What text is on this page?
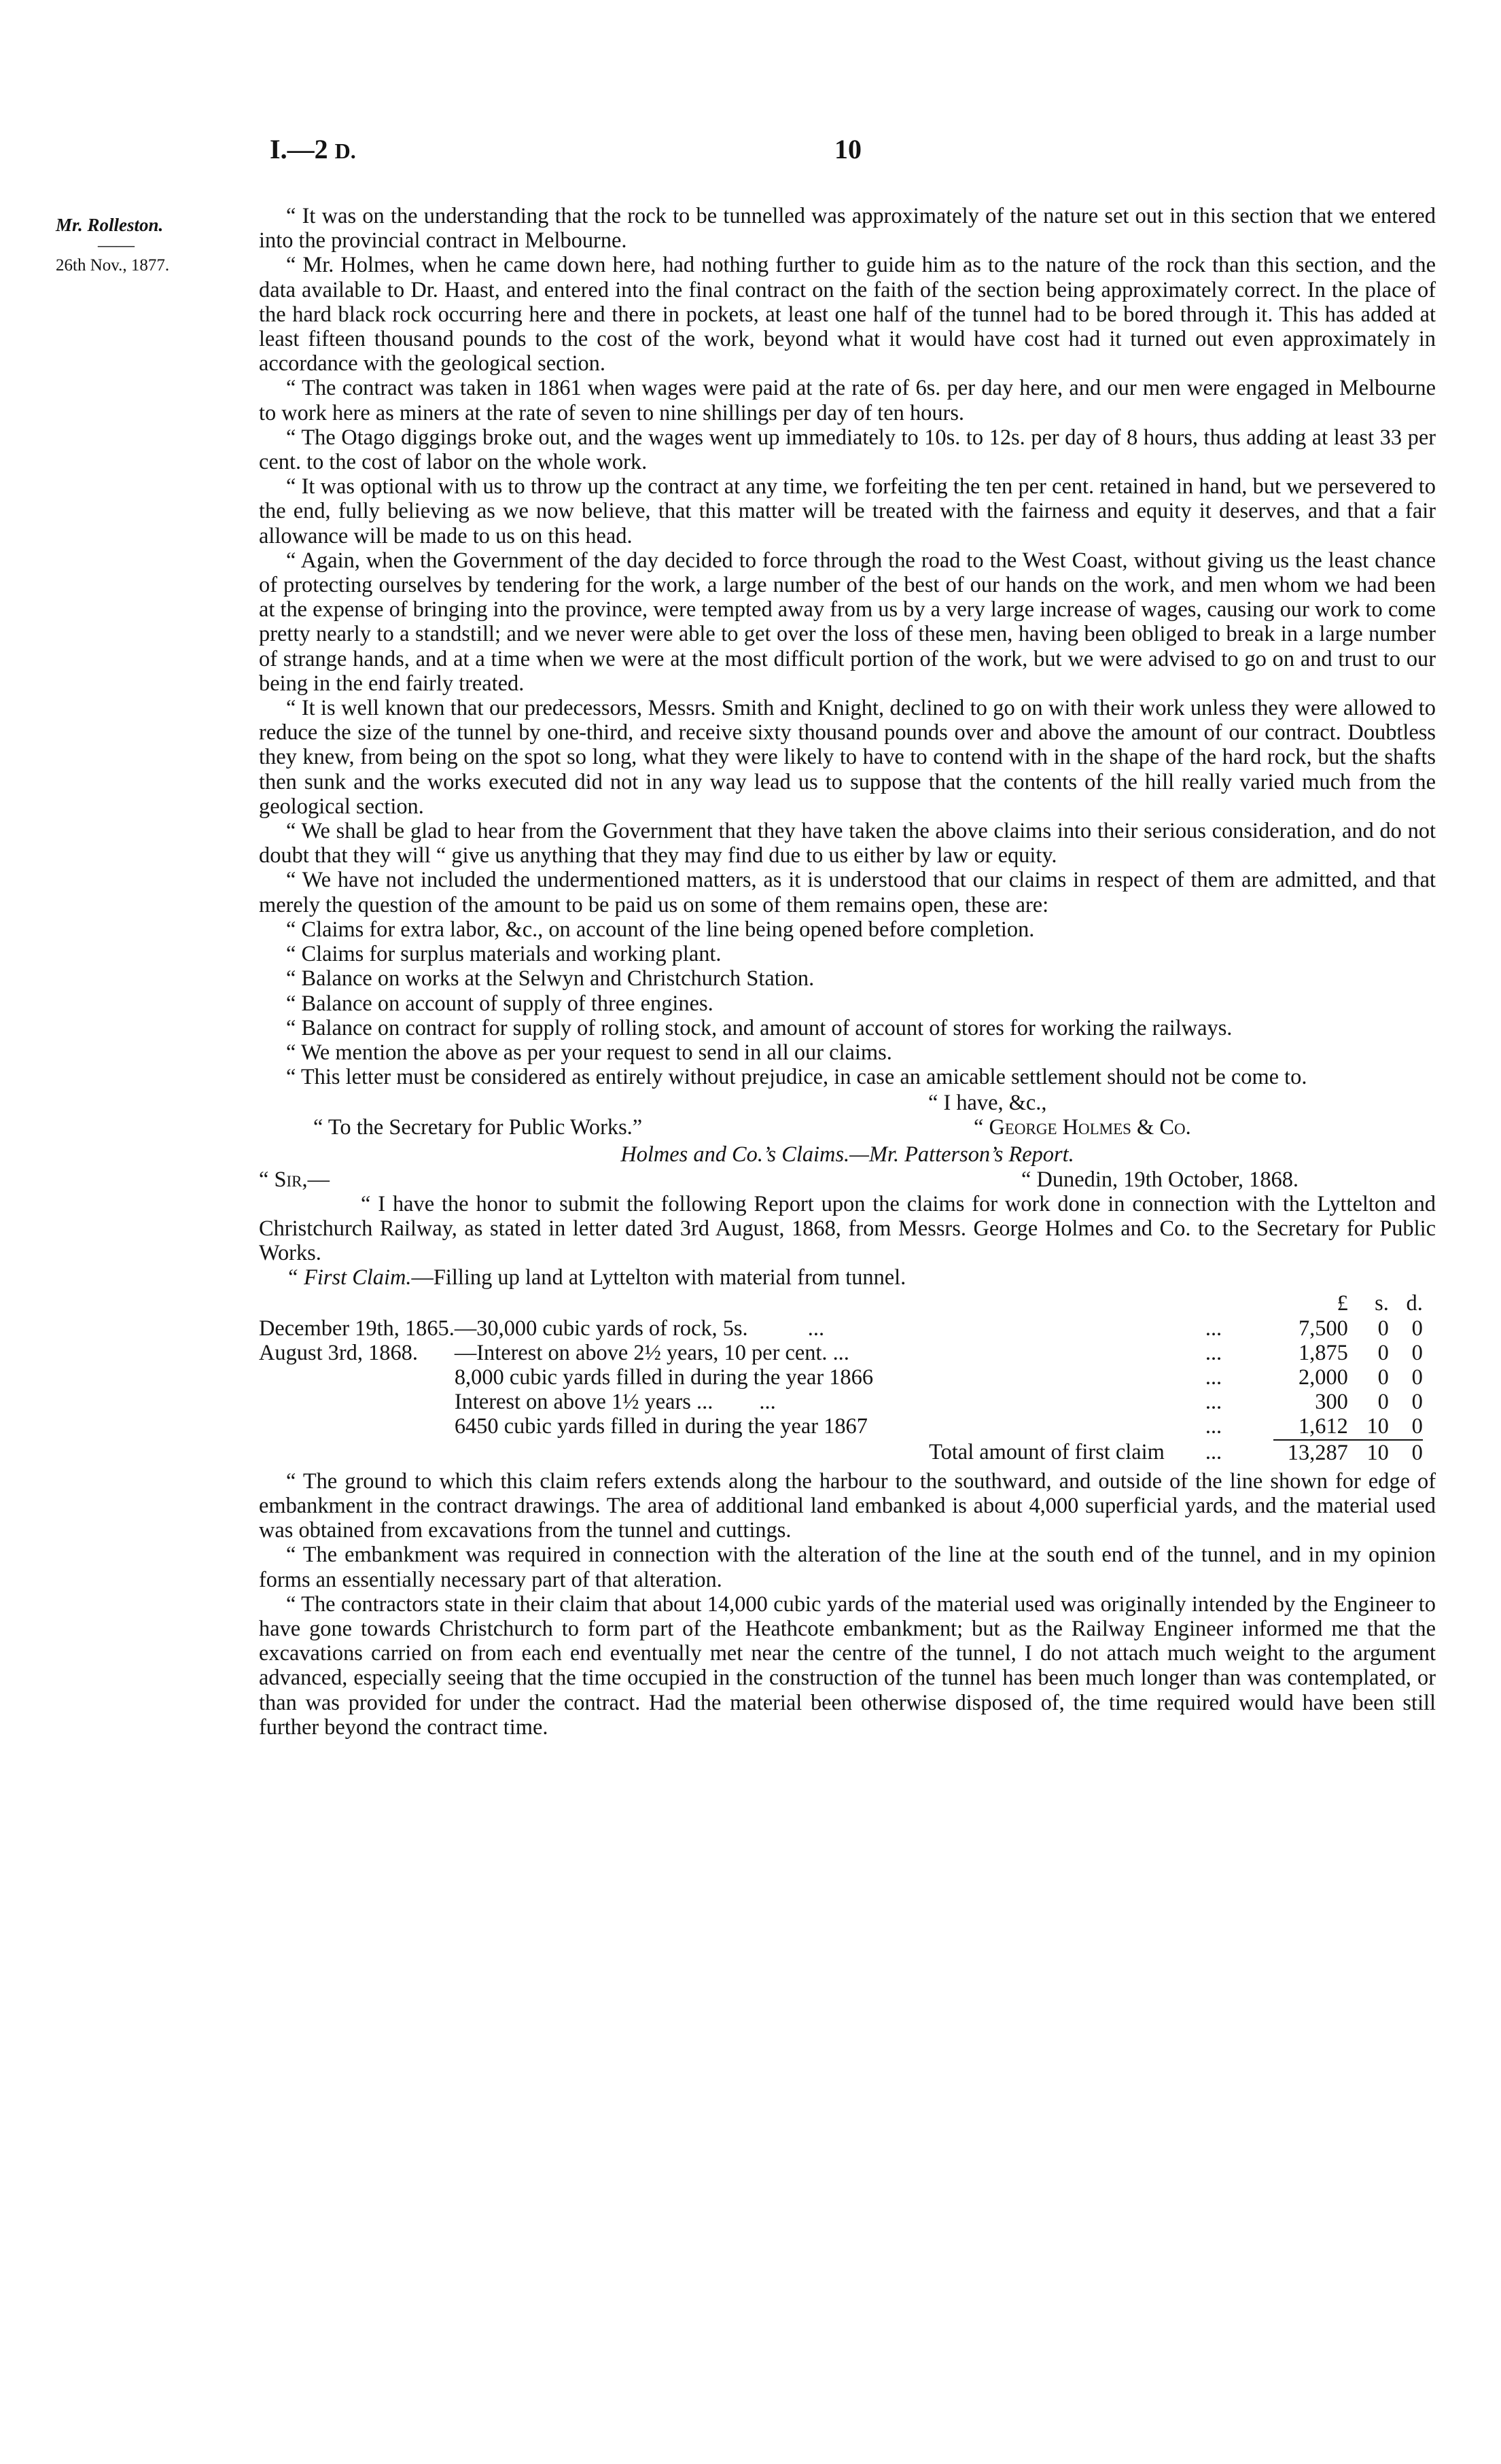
I.—2 D.	10
Mr. Rolleston.
——
26th Nov., 1877.

“ It was on the understanding that the rock to be tunnelled was approximately of the nature set out in this section that we entered into the provincial contract in Melbourne.

“ Mr. Holmes, when he came down here, had nothing further to guide him as to the nature of the rock than this section, and the data available to Dr. Haast, and entered into the final contract on the faith of the section being approximately correct. In the place of the hard black rock occurring here and there in pockets, at least one half of the tunnel had to be bored through it. This has added at least fifteen thousand pounds to the cost of the work, beyond what it would have cost had it turned out even approximately in accordance with the geological section.

“ The contract was taken in 1861 when wages were paid at the rate of 6s. per day here, and our men were engaged in Melbourne to work here as miners at the rate of seven to nine shillings per day of ten hours.

“ The Otago diggings broke out, and the wages went up immediately to 10s. to 12s. per day of 8 hours, thus adding at least 33 per cent. to the cost of labor on the whole work.

“ It was optional with us to throw up the contract at any time, we forfeiting the ten per cent. retained in hand, but we persevered to the end, fully believing as we now believe, that this matter will be treated with the fairness and equity it deserves, and that a fair allowance will be made to us on this head.

“ Again, when the Government of the day decided to force through the road to the West Coast, without giving us the least chance of protecting ourselves by tendering for the work, a large number of the best of our hands on the work, and men whom we had been at the expense of bringing into the province, were tempted away from us by a very large increase of wages, causing our work to come pretty nearly to a standstill; and we never were able to get over the loss of these men, having been obliged to break in a large number of strange hands, and at a time when we were at the most difficult portion of the work, but we were advised to go on and trust to our being in the end fairly treated.

“ It is well known that our predecessors, Messrs. Smith and Knight, declined to go on with their work unless they were allowed to reduce the size of the tunnel by one-third, and receive sixty thousand pounds over and above the amount of our contract. Doubtless they knew, from being on the spot so long, what they were likely to have to contend with in the shape of the hard rock, but the shafts then sunk and the works executed did not in any way lead us to suppose that the contents of the hill really varied much from the geological section.

“ We shall be glad to hear from the Government that they have taken the above claims into their serious consideration, and do not doubt that they will “ give us anything that they may find due to us either by law or equity.

“ We have not included the undermentioned matters, as it is understood that our claims in respect of them are admitted, and that merely the question of the amount to be paid us on some of them remains open, these are:

“ Claims for extra labor, &c., on account of the line being opened before completion.

“ Claims for surplus materials and working plant.

“ Balance on works at the Selwyn and Christchurch Station.

“ Balance on account of supply of three engines.

“ Balance on contract for supply of rolling stock, and amount of account of stores for working the railways.

“ We mention the above as per your request to send in all our claims.

“ This letter must be considered as entirely without prejudice, in case an amicable settlement should not be come to.

“ I have, &c.,
“ To the Secretary for Public Works.”	“ George Holmes & Co.
Holmes and Co.’s Claims.—Mr. Patterson’s Report.
“ Sir,—	“ Dunedin, 19th October, 1868.

“ I have the honor to submit the following Report upon the claims for work done in connection with the Lyttelton and Christchurch Railway, as stated in letter dated 3rd August, 1868, from Messrs. George Holmes and Co. to the Secretary for Public Works.

“ First Claim.—Filling up land at Lyttelton with material from tunnel.

			£	s.	d.
December 19th, 1865.	—30,000 cubic yards of rock, 5s. ...	...	7,500	0	0
August 3rd, 1868.	—Interest on above 2½ years, 10 per cent. ...	...	1,875	0	0
	8,000 cubic yards filled in during the year 1866	...	2,000	0	0
	Interest on above 1½ years ... ...	...	300	0	0
	6450 cubic yards filled in during the year 1867	...	1,612	10	0
	Total amount of first claim	...	13,287	10	0

“ The ground to which this claim refers extends along the harbour to the southward, and outside of the line shown for edge of embankment in the contract drawings. The area of additional land embanked is about 4,000 superficial yards, and the material used was obtained from excavations from the tunnel and cuttings.

“ The embankment was required in connection with the alteration of the line at the south end of the tunnel, and in my opinion forms an essentially necessary part of that alteration.

“ The contractors state in their claim that about 14,000 cubic yards of the material used was originally intended by the Engineer to have gone towards Christchurch to form part of the Heathcote embankment; but as the Railway Engineer informed me that the excavations carried on from each end eventually met near the centre of the tunnel, I do not attach much weight to the argument advanced, especially seeing that the time occupied in the construction of the tunnel has been much longer than was contemplated, or than was provided for under the contract. Had the material been otherwise disposed of, the time required would have been still further beyond the contract time.
